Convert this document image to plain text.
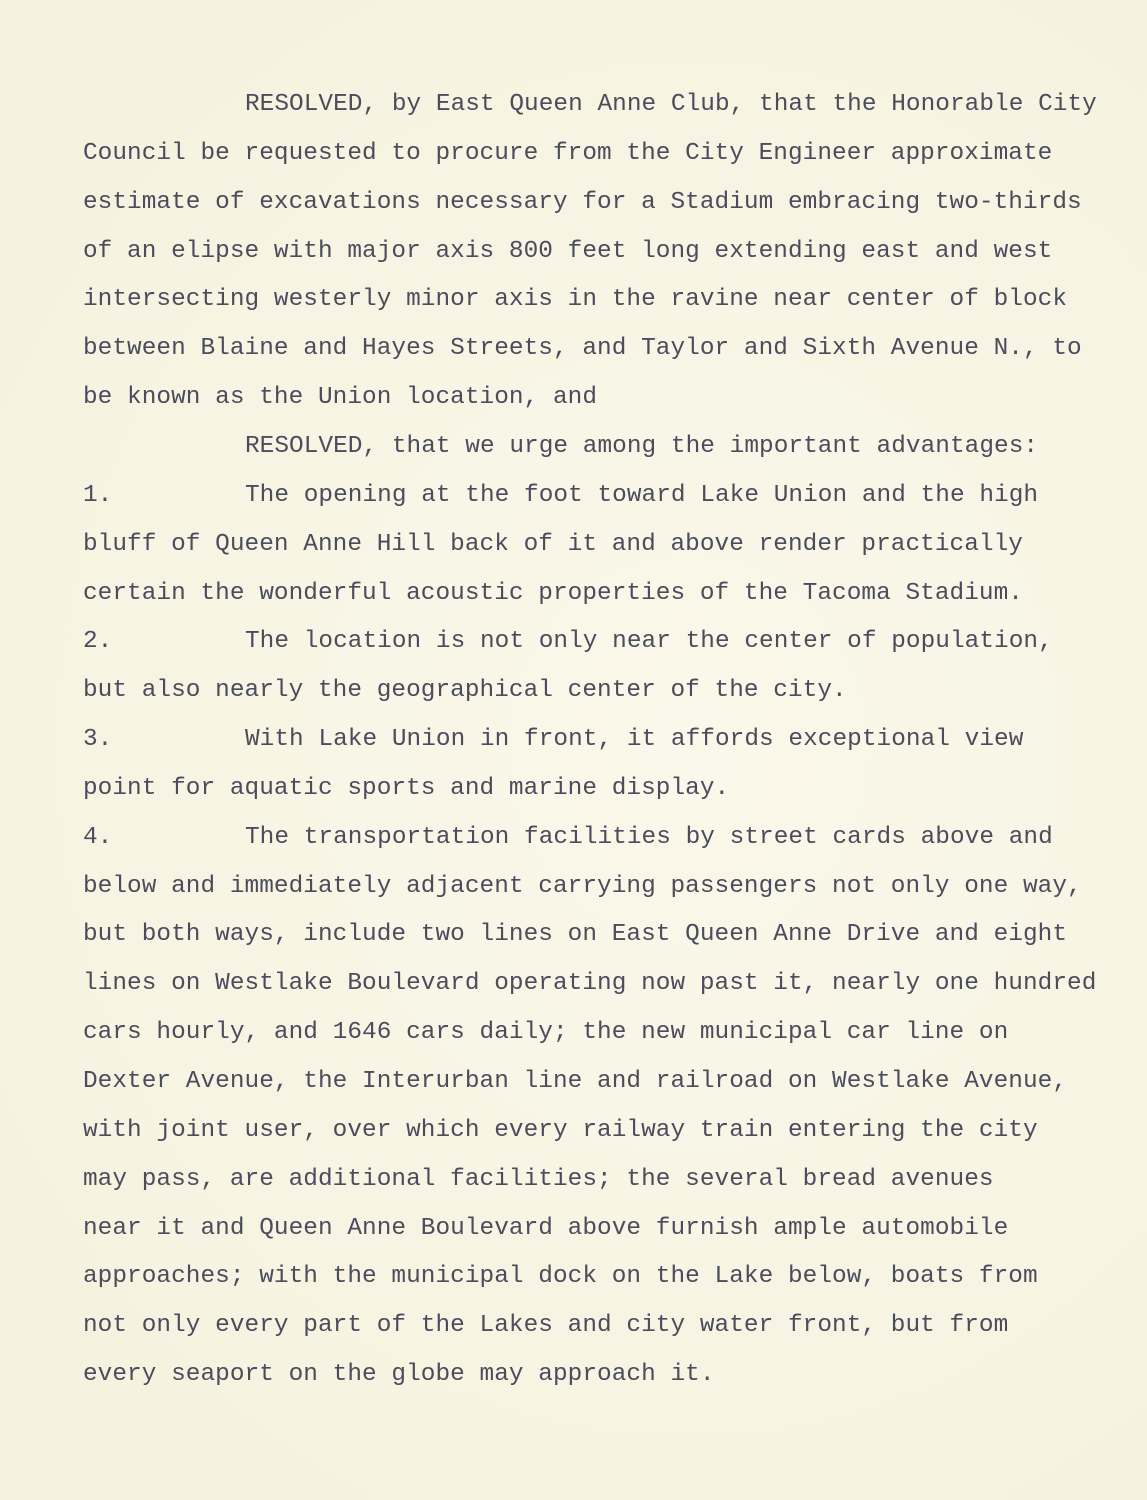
RESOLVED, by East Queen Anne Club, that the Honorable City
Council be requested to procure from the City Engineer approximate
estimate of excavations necessary for a Stadium embracing two-thirds
of an elipse with major axis 800 feet long extending east and west
intersecting westerly minor axis in the ravine near center of block
between Blaine and Hayes Streets, and Taylor and Sixth Avenue N., to
be known as the Union location, and
RESOLVED, that we urge among the important advantages:
1.	The opening at the foot toward Lake Union and the high
bluff of Queen Anne Hill back of it and above render practically
certain the wonderful acoustic properties of the Tacoma Stadium.
2.	The location is not only near the center of population,
but also nearly the geographical center of the city.
3.	With Lake Union in front, it affords exceptional view
point for aquatic sports and marine display.
4.	The transportation facilities by street cards above and
below and immediately adjacent carrying passengers not only one way,
but both ways, include two lines on East Queen Anne Drive and eight
lines on Westlake Boulevard operating now past it, nearly one hundred
cars hourly, and 1646 cars daily; the new municipal car line on
Dexter Avenue, the Interurban line and railroad on Westlake Avenue,
with joint user, over which every railway train entering the city
may pass, are additional facilities; the several bread avenues
near it and Queen Anne Boulevard above furnish ample automobile
approaches; with the municipal dock on the Lake below, boats from
not only every part of the Lakes and city water front, but from
every seaport on the globe may approach it.
